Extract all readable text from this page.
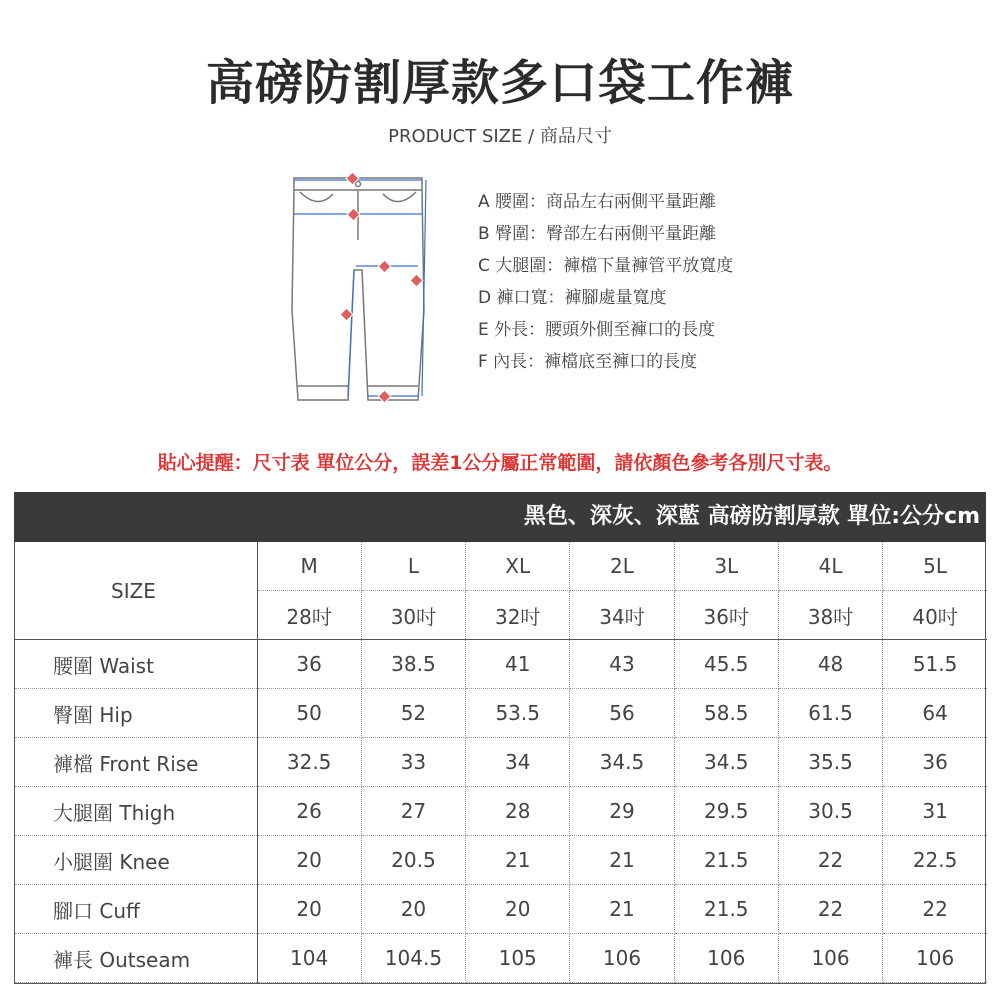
高磅防割厚款多口袋工作褲
PRODUCT SIZE / 商品尺寸
A 腰圍：商品左右兩側平量距離
B 臀圍：臀部左右兩側平量距離
C 大腿圍：褲檔下量褲管平放寬度
D 褲口寬：褲腳處量寬度
E 外長：腰頭外側至褲口的長度
F 內長：褲檔底至褲口的長度
貼心提醒：尺寸表 單位公分，誤差1公分屬正常範圍，請依顏色參考各別尺寸表。
黑色、深灰、深藍 高磅防割厚款 單位:公分cm
SIZE	M	L	XL	2L	3L	4L	5L
	28吋	30吋	32吋	34吋	36吋	38吋	40吋
腰圍 Waist	36	38.5	41	43	45.5	48	51.5
臀圍 Hip	50	52	53.5	56	58.5	61.5	64
褲檔 Front Rise	32.5	33	34	34.5	34.5	35.5	36
大腿圍 Thigh	26	27	28	29	29.5	30.5	31
小腿圍 Knee	20	20.5	21	21	21.5	22	22.5
腳口 Cuff	20	20	20	21	21.5	22	22
褲長 Outseam	104	104.5	105	106	106	106	106
